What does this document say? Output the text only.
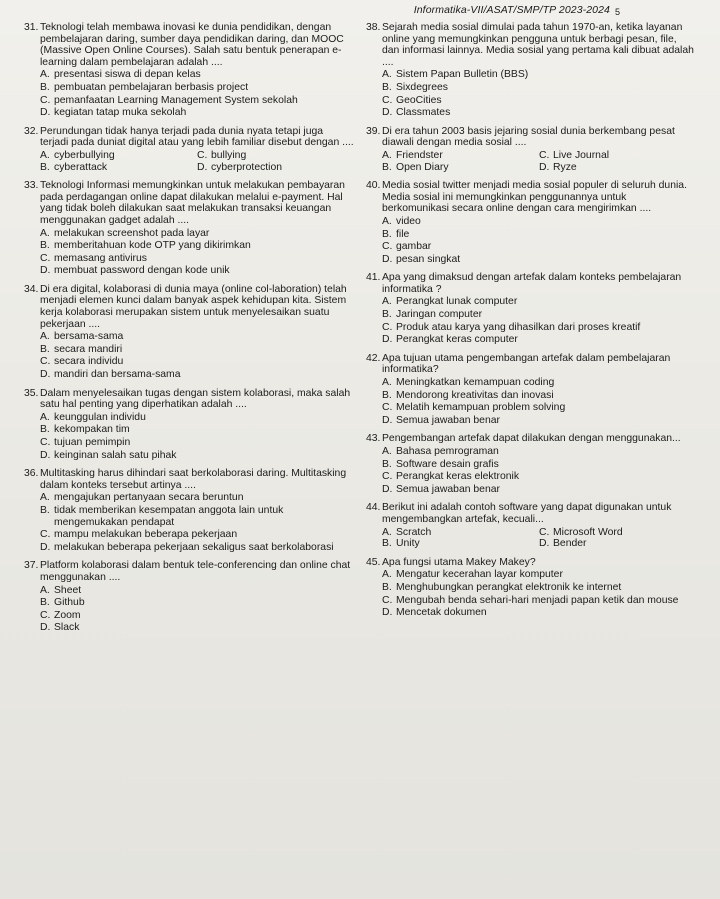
Informatika-VII/ASAT/SMP/TP 2023-2024 5
31. Teknologi telah membawa inovasi ke dunia pendidikan, dengan pembelajaran daring, sumber daya pendidikan daring, dan MOOC (Massive Open Online Courses). Salah satu bentuk penerapan e-learning dalam pembelajaran adalah ....
A. presentasi siswa di depan kelas
B. pembuatan pembelajaran berbasis project
C. pemanfaatan Learning Management System sekolah
D. kegiatan tatap muka sekolah
32. Perundungan tidak hanya terjadi pada dunia nyata tetapi juga terjadi pada duniat digital atau yang lebih familiar disebut dengan ....
A. cyberbullying	C. bullying
B. cyberattack	D. cyberprotection
33. Teknologi Informasi memungkinkan untuk melakukan pembayaran pada perdagangan online dapat dilakukan melalui e-payment. Hal yang tidak boleh dilakukan saat melakukan transaksi keuangan menggunakan gadget adalah ....
A. melakukan screenshot pada layar
B. memberitahuan kode OTP yang dikirimkan
C. memasang antivirus
D. membuat password dengan kode unik
34. Di era digital, kolaborasi di dunia maya (online col-laboration) telah menjadi elemen kunci dalam banyak aspek kehidupan kita. Sistem kerja kolaborasi merupakan sistem untuk menyelesaikan suatu pekerjaan ....
A. bersama-sama
B. secara mandiri
C. secara individu
D. mandiri dan bersama-sama
35. Dalam menyelesaikan tugas dengan sistem kolaborasi, maka salah satu hal penting yang diperhatikan adalah ....
A. keunggulan individu
B. kekompakan tim
C. tujuan pemimpin
D. keinginan salah satu pihak
36. Multitasking harus dihindari saat berkolaborasi daring. Multitasking dalam konteks tersebut artinya ....
A. mengajukan pertanyaan secara beruntun
B. tidak memberikan kesempatan anggota lain untuk mengemukakan pendapat
C. mampu melakukan beberapa pekerjaan
D. melakukan beberapa pekerjaan sekaligus saat berkolaborasi
37. Platform kolaborasi dalam bentuk tele-conferencing dan online chat menggunakan ....
A. Sheet
B. Github
C. Zoom
D. Slack
38. Sejarah media sosial dimulai pada tahun 1970-an, ketika layanan online yang memungkinkan pengguna untuk berbagi pesan, file, dan informasi lainnya. Media sosial yang pertama kali dibuat adalah ....
A. Sistem Papan Bulletin (BBS)
B. Sixdegrees
C. GeoCities
D. Classmates
39. Di era tahun 2003 basis jejaring sosial dunia berkembang pesat diawali dengan media sosial ....
A. Friendster	C. Live Journal
B. Open Diary	D. Ryze
40. Media sosial twitter menjadi media sosial populer di seluruh dunia. Media sosial ini memungkinkan penggunannya untuk berkomunikasi secara online dengan cara mengirimkan ....
A. video
B. file
C. gambar
D. pesan singkat
41. Apa yang dimaksud dengan artefak dalam konteks pembelajaran informatika ?
A. Perangkat lunak computer
B. Jaringan computer
C. Produk atau karya yang dihasilkan dari proses kreatif
D. Perangkat keras computer
42. Apa tujuan utama pengembangan artefak dalam pembelajaran informatika?
A. Meningkatkan kemampuan coding
B. Mendorong kreativitas dan inovasi
C. Melatih kemampuan problem solving
D. Semua jawaban benar
43. Pengembangan artefak dapat dilakukan dengan menggunakan...
A. Bahasa pemrograman
B. Software desain grafis
C. Perangkat keras elektronik
D. Semua jawaban benar
44. Berikut ini adalah contoh software yang dapat digunakan untuk mengembangkan artefak, kecuali...
A. Scratch	C. Microsoft Word
B. Unity	D. Bender
45. Apa fungsi utama Makey Makey?
A. Mengatur kecerahan layar komputer
B. Menghubungkan perangkat elektronik ke internet
C. Mengubah benda sehari-hari menjadi papan ketik dan mouse
D. Mencetak dokumen
